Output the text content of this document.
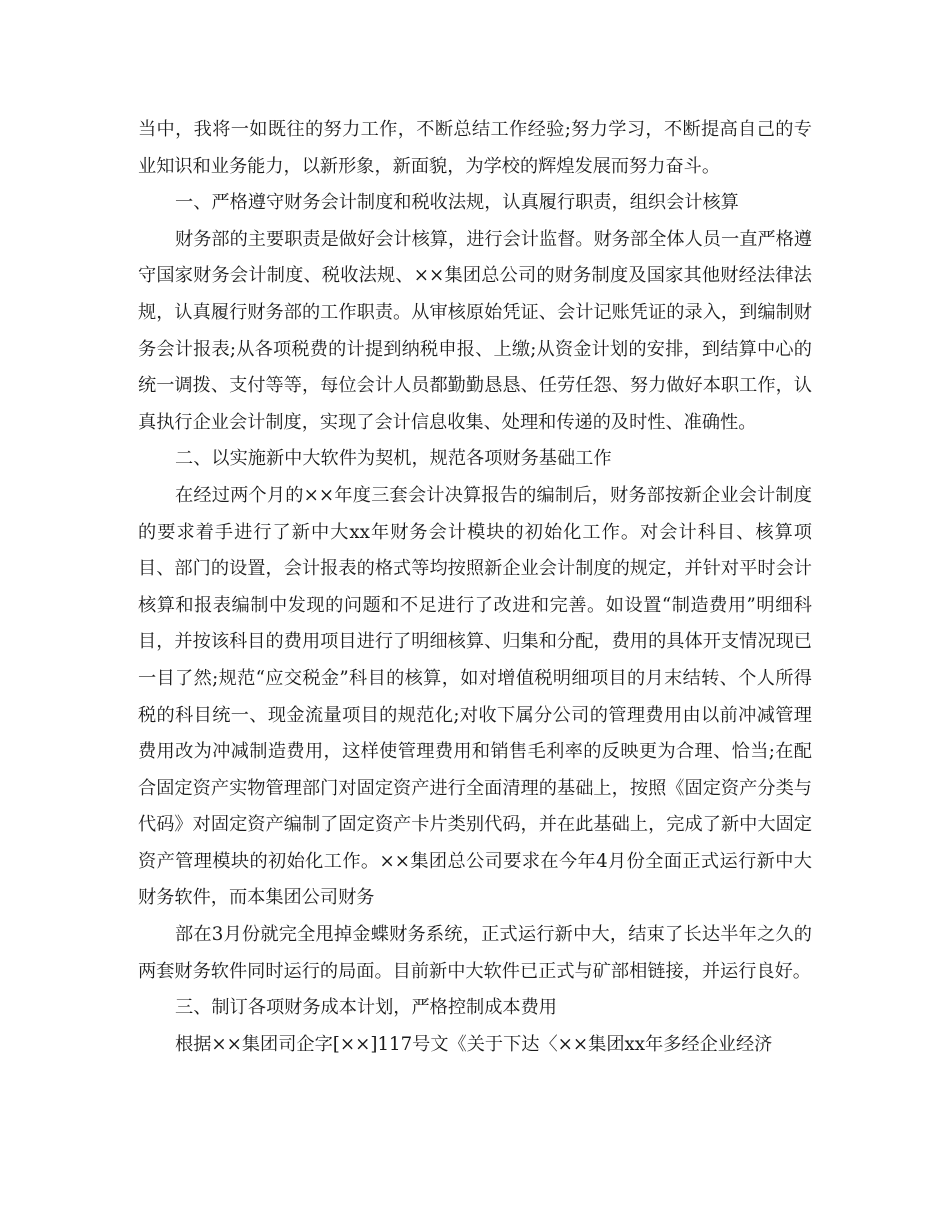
当中，我将一如既往的努力工作，不断总结工作经验;努力学习，不断提高自己的专业知识和业务能力，以新形象，新面貌，为学校的辉煌发展而努力奋斗。

一、严格遵守财务会计制度和税收法规，认真履行职责，组织会计核算

财务部的主要职责是做好会计核算，进行会计监督。财务部全体人员一直严格遵守国家财务会计制度、税收法规、××集团总公司的财务制度及国家其他财经法律法规，认真履行财务部的工作职责。从审核原始凭证、会计记账凭证的录入，到编制财务会计报表;从各项税费的计提到纳税申报、上缴;从资金计划的安排，到结算中心的统一调拨、支付等等，每位会计人员都勤勤恳恳、任劳任怨、努力做好本职工作，认真执行企业会计制度，实现了会计信息收集、处理和传递的及时性、准确性。

二、以实施新中大软件为契机，规范各项财务基础工作

在经过两个月的××年度三套会计决算报告的编制后，财务部按新企业会计制度的要求着手进行了新中大xx年财务会计模块的初始化工作。对会计科目、核算项目、部门的设置，会计报表的格式等均按照新企业会计制度的规定，并针对平时会计核算和报表编制中发现的问题和不足进行了改进和完善。如设置“制造费用”明细科目，并按该科目的费用项目进行了明细核算、归集和分配，费用的具体开支情况现已一目了然;规范“应交税金”科目的核算，如对增值税明细项目的月末结转、个人所得税的科目统一、现金流量项目的规范化;对收下属分公司的管理费用由以前冲减管理费用改为冲减制造费用，这样使管理费用和销售毛利率的反映更为合理、恰当;在配合固定资产实物管理部门对固定资产进行全面清理的基础上，按照《固定资产分类与代码》对固定资产编制了固定资产卡片类别代码，并在此基础上，完成了新中大固定资产管理模块的初始化工作。××集团总公司要求在今年4月份全面正式运行新中大财务软件，而本集团公司财务

部在3月份就完全甩掉金蝶财务系统，正式运行新中大，结束了长达半年之久的两套财务软件同时运行的局面。目前新中大软件已正式与矿部相链接，并运行良好。

三、制订各项财务成本计划，严格控制成本费用

根据××集团司企字[××]117号文《关于下达〈××集团xx年多经企业经济
